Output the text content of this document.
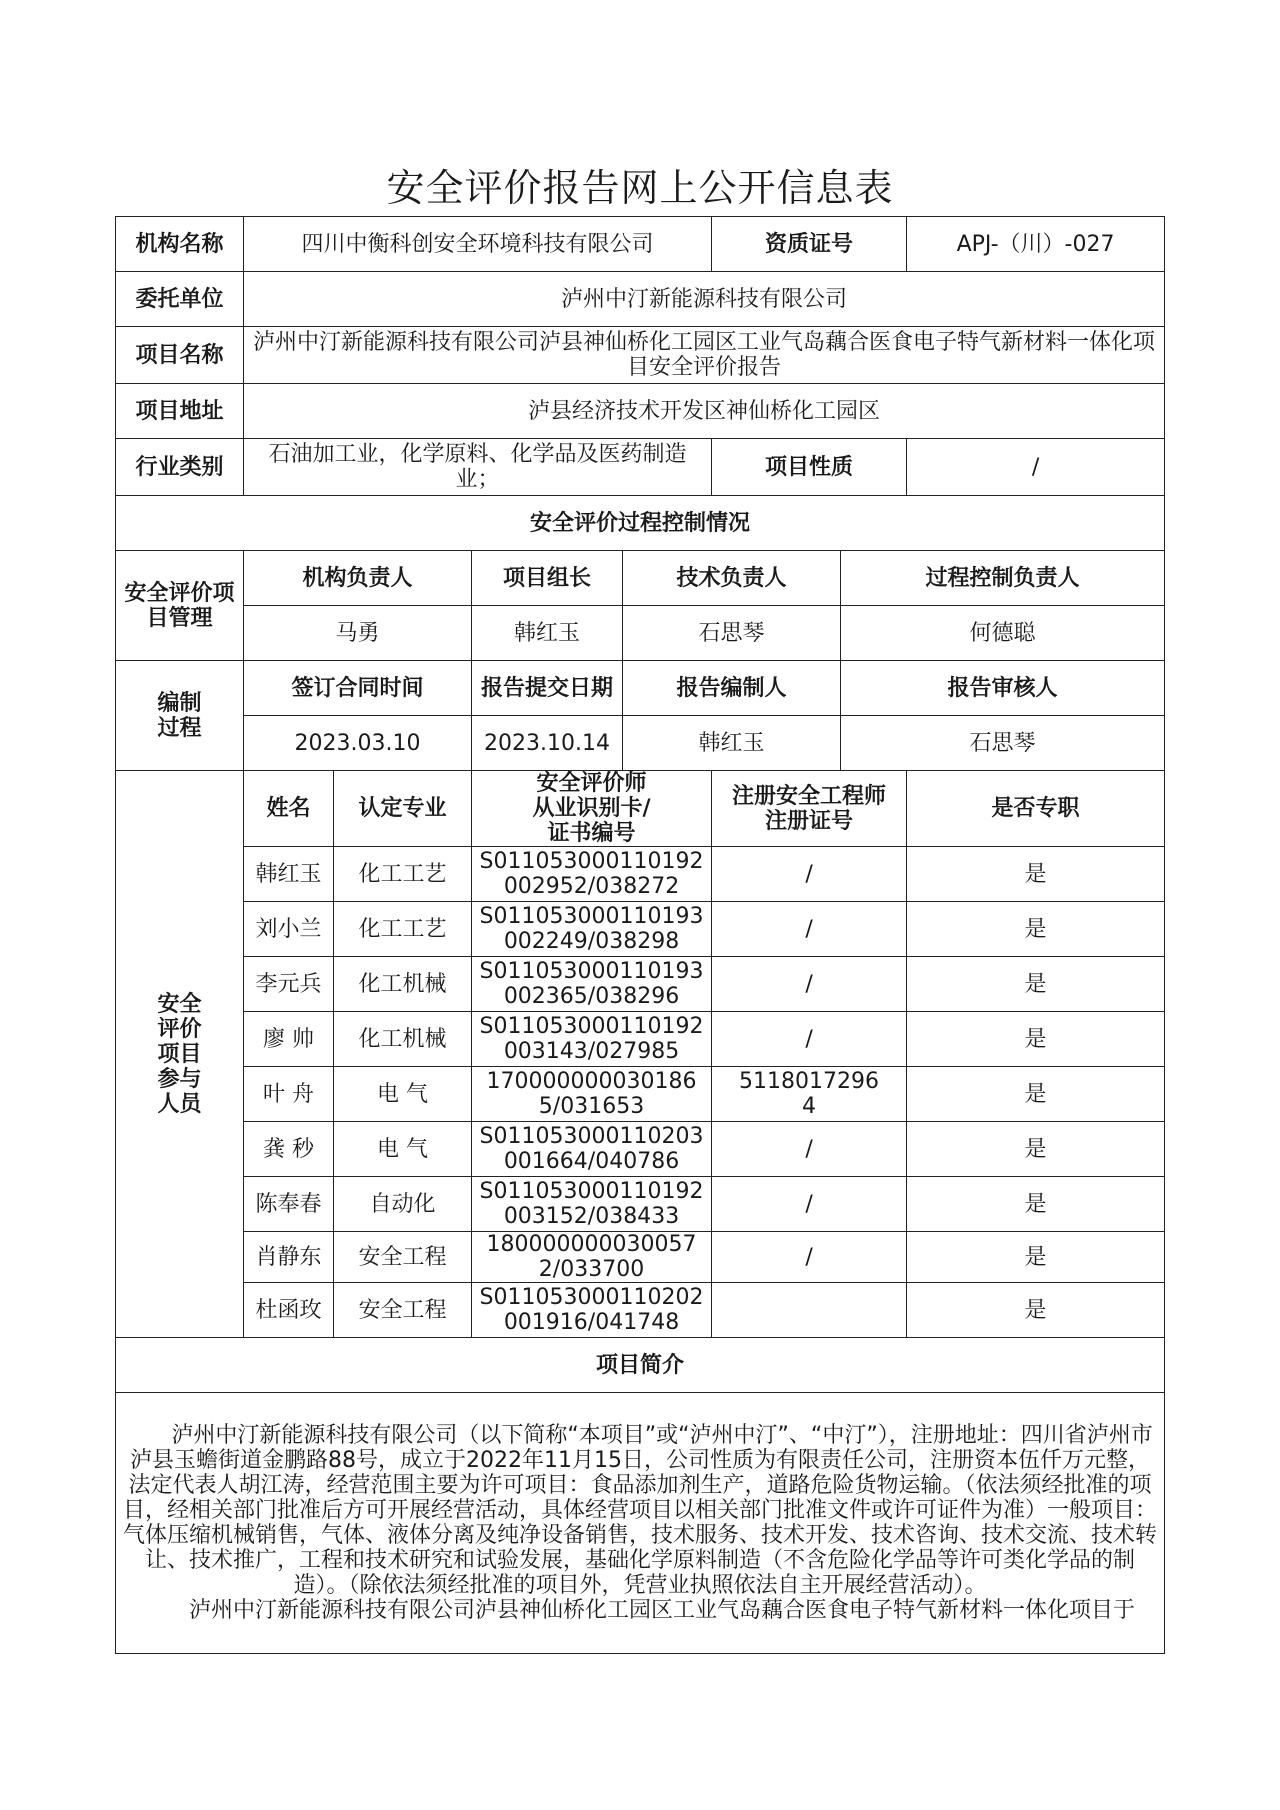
安全评价报告网上公开信息表
机构名称	四川中衡科创安全环境科技有限公司				资质证号		APJ-（川）-027
委托单位	泸州中汀新能源科技有限公司						
项目名称	泸州中汀新能源科技有限公司泸县神仙桥化工园区工业气岛藕合医食电子特气新材料一体化项目安全评价报告						
项目地址	泸县经济技术开发区神仙桥化工园区						
行业类别	石油加工业，化学原料、化学品及医药制造业；				项目性质		/
安全评价过程控制情况							
安全评价项目管理	机构负责人		项目组长	技术负责人		过程控制负责人	
	马勇		韩红玉	石思琴		何德聪	
编制过程	签订合同时间		报告提交日期	报告编制人		报告审核人	
	2023.03.10		2023.10.14	韩红玉		石思琴	
安全评价项目参与人员	姓名	认定专业	安全评价师从业识别卡/证书编号		注册安全工程师注册证号		是否专职
	韩红玉	化工工艺	S011053000110192002952/038272		/		是
	刘小兰	化工工艺	S011053000110193002249/038298		/		是
	李元兵	化工机械	S011053000110193002365/038296		/		是
	廖 帅	化工机械	S011053000110192003143/027985		/		是
	叶 舟	电 气	1700000000301865/031653		51180172964		是
	龚 秒	电 气	S011053000110203001664/040786		/		是
	陈奉春	自动化	S011053000110192003152/038433		/		是
	肖静东	安全工程	1800000000300572/033700		/		是
	杜函玫	安全工程	S011053000110202001916/041748				是
项目简介							

泸州中汀新能源科技有限公司（以下简称“本项目”或“泸州中汀”、“中汀”），注册地址：四川省泸州市泸县玉蟾街道金鹏路88号，成立于2022年11月15日，公司性质为有限责任公司，注册资本伍仟万元整，法定代表人胡江涛，经营范围主要为许可项目：食品添加剂生产，道路危险货物运输。（依法须经批准的项目，经相关部门批准后方可开展经营活动，具体经营项目以相关部门批准文件或许可证件为准）一般项目：气体压缩机械销售，气体、液体分离及纯净设备销售，技术服务、技术开发、技术咨询、技术交流、技术转让、技术推广，工程和技术研究和试验发展，基础化学原料制造（不含危险化学品等许可类化学品的制造）。（除依法须经批准的项目外，凭营业执照依法自主开展经营活动）。

泸州中汀新能源科技有限公司泸县神仙桥化工园区工业气岛藕合医食电子特气新材料一体化项目于							
